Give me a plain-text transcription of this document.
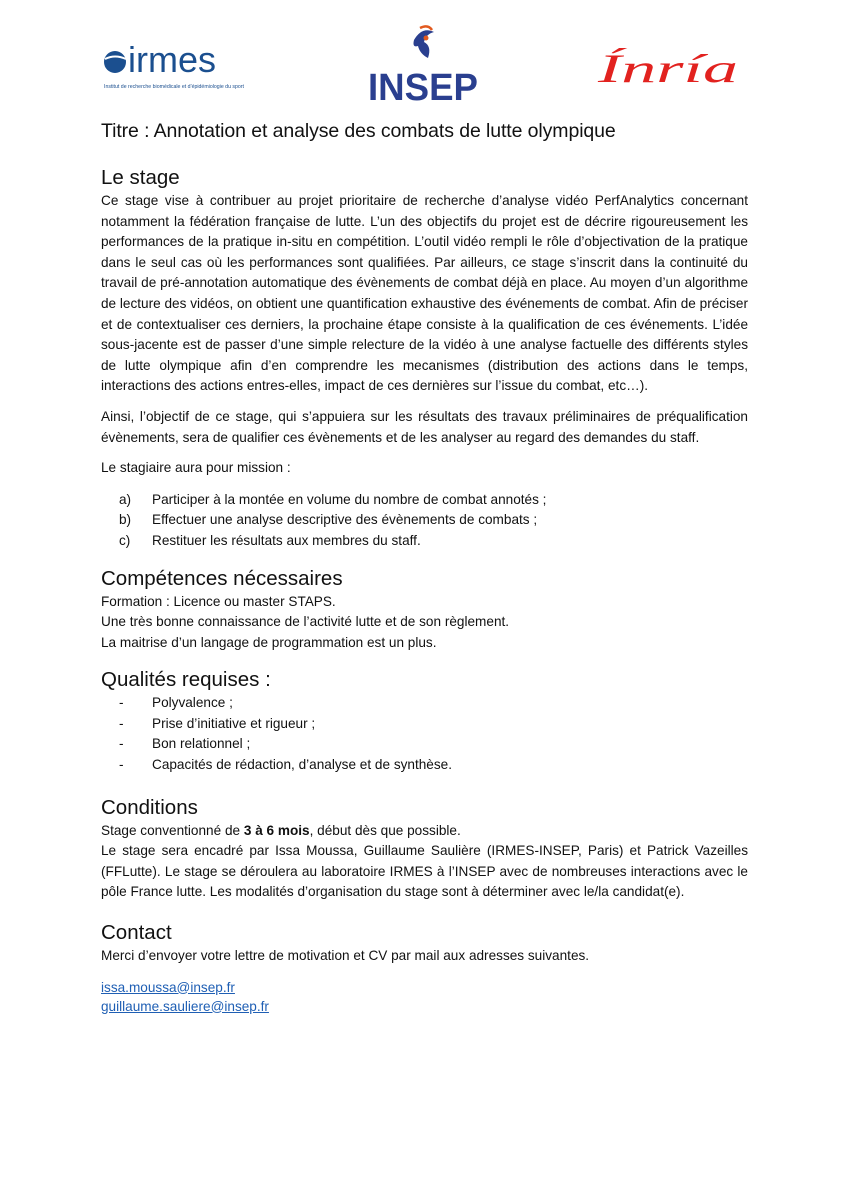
irmes
Institut de recherche biomédicale et d'épidémiologie du sport	INSEP	Ínría
Titre : Annotation et analyse des combats de lutte olympique
Le stage

Ce stage vise à contribuer au projet prioritaire de recherche d’analyse vidéo PerfAnalytics concernant notamment la fédération française de lutte. L’un des objectifs du projet est de décrire rigoureusement les performances de la pratique in-situ en compétition. L’outil vidéo rempli le rôle d’objectivation de la pratique dans le seul cas où les performances sont qualifiées. Par ailleurs, ce stage s’inscrit dans la continuité du travail de pré-annotation automatique des évènements de combat déjà en place. Au moyen d’un algorithme de lecture des vidéos, on obtient une quantification exhaustive des événements de combat. Afin de préciser et de contextualiser ces derniers, la prochaine étape consiste à la qualification de ces événements. L’idée sous-jacente est de passer d’une simple relecture de la vidéo à une analyse factuelle des différents styles de lutte olympique afin d’en comprendre les mecanismes (distribution des actions dans le temps, interactions des actions entres-elles, impact de ces dernières sur l’issue du combat, etc…).

Ainsi, l’objectif de ce stage, qui s’appuiera sur les résultats des travaux préliminaires de préqualification évènements, sera de qualifier ces évènements et de les analyser au regard des demandes du staff.

Le stagiaire aura pour mission :

a)	Participer à la montée en volume du nombre de combat annotés ;
b)	Effectuer une analyse descriptive des évènements de combats ;
c)	Restituer les résultats aux membres du staff.
Compétences nécessaires

Formation : Licence ou master STAPS.

Une très bonne connaissance de l’activité lutte et de son règlement.

La maitrise d’un langage de programmation est un plus.

Qualités requises :
-	Polyvalence ;
-	Prise d’initiative et rigueur ;
-	Bon relationnel ;
-	Capacités de rédaction, d’analyse et de synthèse.
Conditions

Stage conventionné de 3 à 6 mois, début dès que possible.

Le stage sera encadré par Issa Moussa, Guillaume Saulière (IRMES-INSEP, Paris) et Patrick Vazeilles (FFLutte). Le stage se déroulera au laboratoire IRMES à l’INSEP avec de nombreuses interactions avec le pôle France lutte. Les modalités d’organisation du stage sont à déterminer avec le/la candidat(e).

Contact

Merci d’envoyer votre lettre de motivation et CV par mail aux adresses suivantes.

issa.moussa@insep.fr
guillaume.sauliere@insep.fr
